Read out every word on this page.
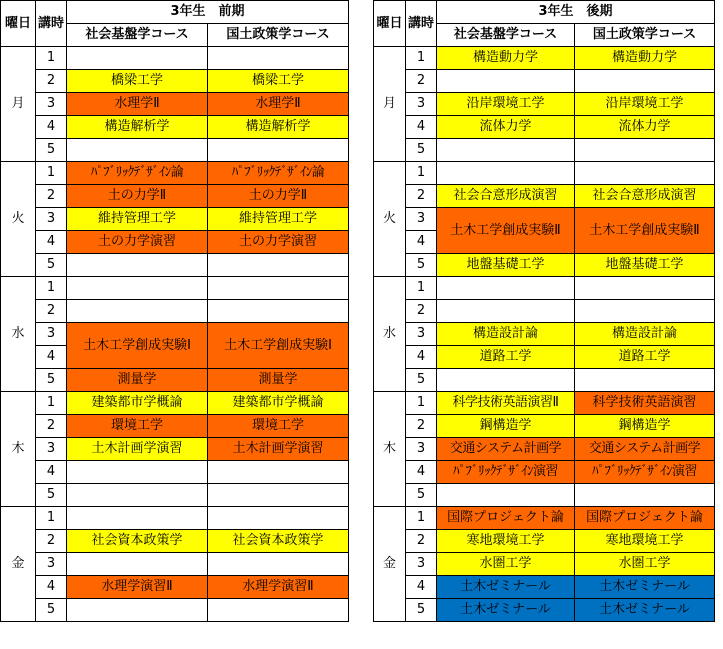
曜日	講時	3年生　前期	
		社会基盤学コース	国土政策学コース
月	1		
	2	橋梁工学	橋梁工学
	3	水理学Ⅱ	水理学Ⅱ
	4	構造解析学	構造解析学
	5		
火	1	ﾊﾟﾌﾞﾘｯｸﾃﾞｻﾞｲﾝ論	ﾊﾟﾌﾞﾘｯｸﾃﾞｻﾞｲﾝ論
	2	土の力学Ⅱ	土の力学Ⅱ
	3	維持管理工学	維持管理工学
	4	土の力学演習	土の力学演習
	5		
水	1		
	2		
	3	土木工学創成実験Ⅰ	土木工学創成実験Ⅰ
	4		
	5	測量学	測量学
木	1	建築都市学概論	建築都市学概論
	2	環境工学	環境工学
	3	土木計画学演習	土木計画学演習
	4		
	5		
金	1		
	2	社会資本政策学	社会資本政策学
	3		
	4	水理学演習Ⅱ	水理学演習Ⅱ
	5		
曜日	講時	3年生　後期	
		社会基盤学コース	国土政策学コース
月	1	構造動力学	構造動力学
	2		
	3	沿岸環境工学	沿岸環境工学
	4	流体力学	流体力学
	5		
火	1		
	2	社会合意形成演習	社会合意形成演習
	3	土木工学創成実験Ⅱ	土木工学創成実験Ⅱ
	4		
	5	地盤基礎工学	地盤基礎工学
水	1		
	2		
	3	構造設計論	構造設計論
	4	道路工学	道路工学
	5		
木	1	科学技術英語演習Ⅱ	科学技術英語演習
	2	鋼構造学	鋼構造学
	3	交通システム計画学	交通システム計画学
	4	ﾊﾟﾌﾞﾘｯｸﾃﾞｻﾞｲﾝ演習	ﾊﾟﾌﾞﾘｯｸﾃﾞｻﾞｲﾝ演習
	5		
金	1	国際プロジェクト論	国際プロジェクト論
	2	寒地環境工学	寒地環境工学
	3	水圏工学	水圏工学
	4	土木ゼミナール	土木ゼミナール
	5	土木ゼミナール	土木ゼミナール
